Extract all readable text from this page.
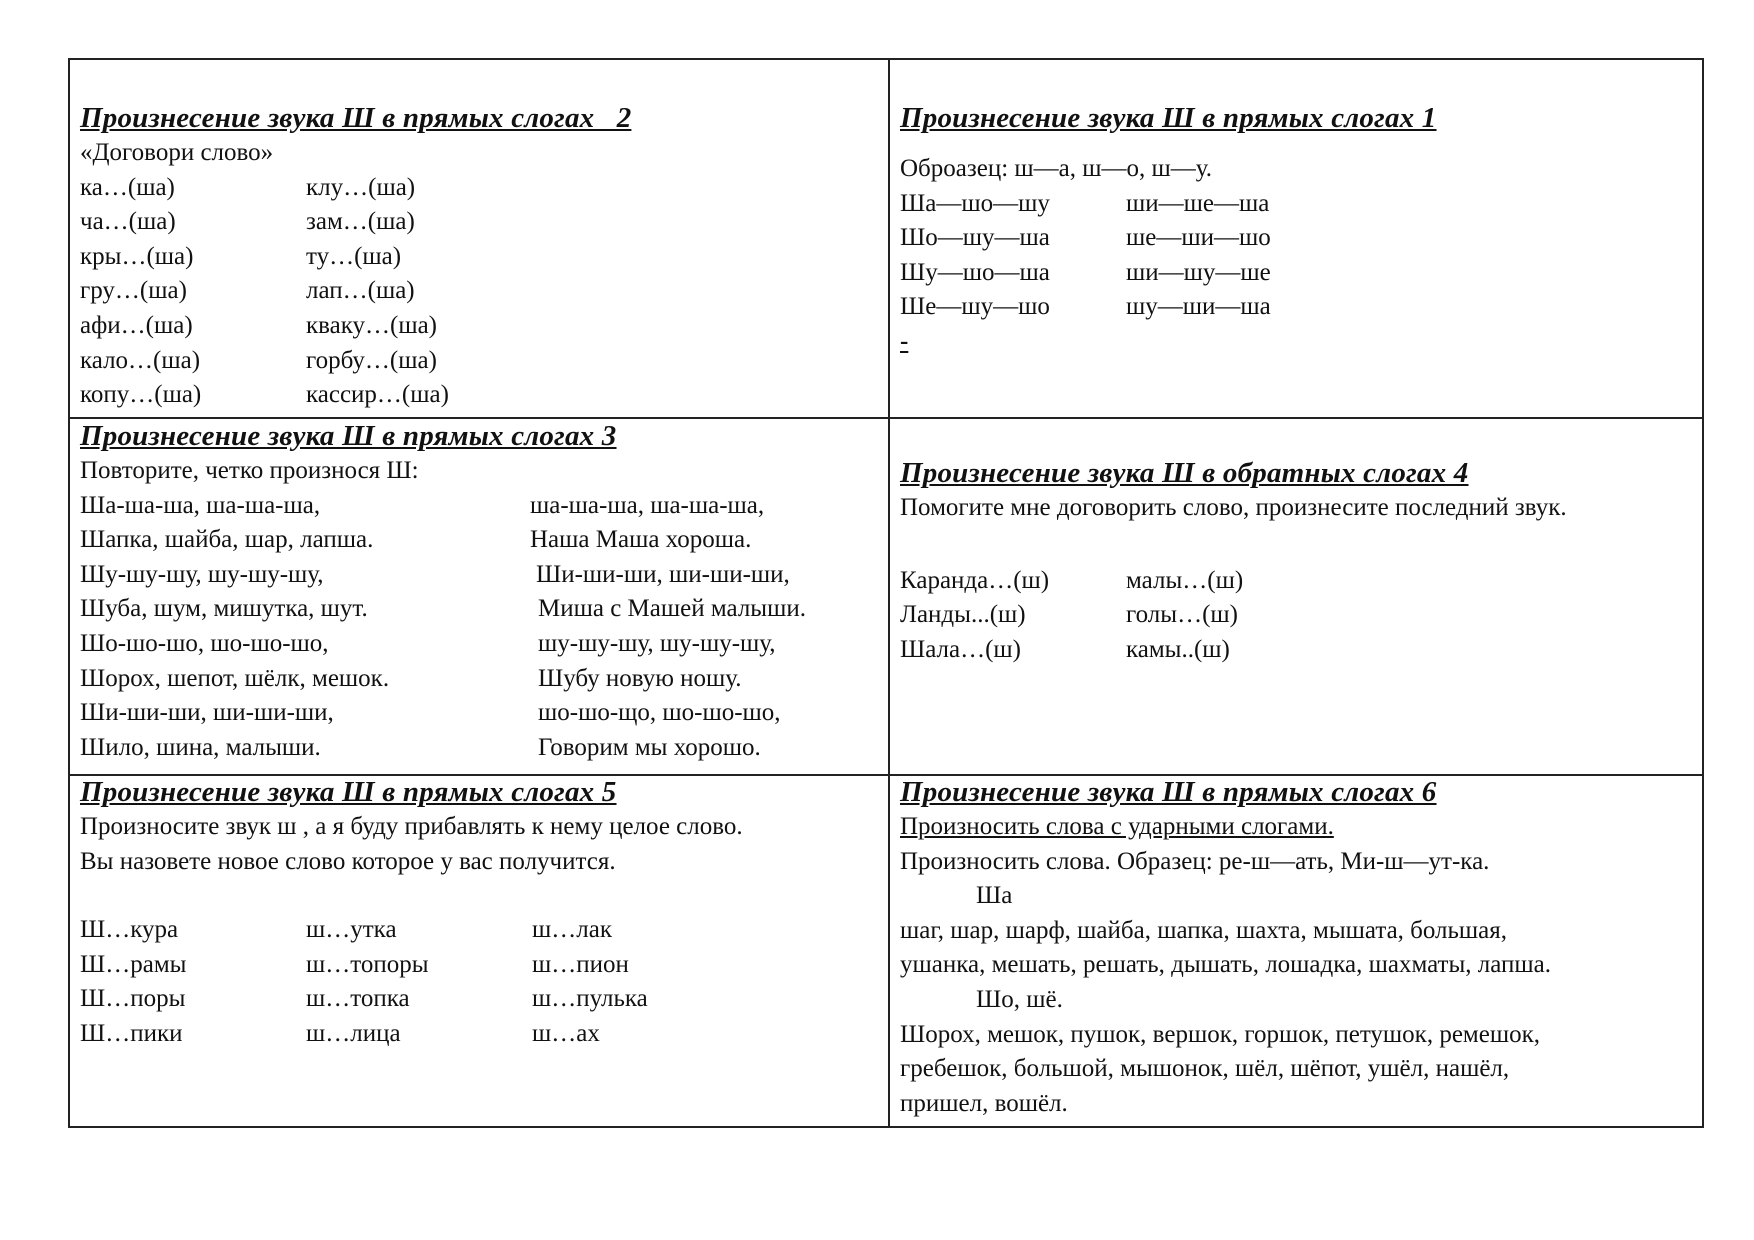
Произнесение звука Ш в прямых слогах   2
«Договори слово»
ка…(ша)	клу…(ша)
ча…(ша)	зам…(ша)
кры…(ша)	ту…(ша)
гру…(ша)	лап…(ша)
афи…(ша)	кваку…(ша)
кало…(ша)	горбу…(ша)
копу…(ша)	кассир…(ша)
Произнесение звука Ш в прямых слогах 1
Оброазец: ш—а, ш—о, ш—у.
Ша—шо—шу	ши—ше—ша
Шо—шу—ша	ше—ши—шо
Шу—шо—ша	ши—шу—ше
Ше—шу—шо	шу—ши—ша
-
Произнесение звука Ш в прямых слогах 3
Повторите, четко произнося Ш:
Ша-ша-ша, ша-ша-ша,	ша-ша-ша, ша-ша-ша,
Шапка, шайба, шар, лапша.	Наша Маша хороша.
Шу-шу-шу, шу-шу-шу,	Ши-ши-ши, ши-ши-ши,
Шуба, шум, мишутка, шут.	Миша с Машей малыши.
Шо-шо-шо, шо-шо-шо,	шу-шу-шу, шу-шу-шу,
Шорох, шепот, шёлк, мешок.	Шубу новую ношу.
Ши-ши-ши, ши-ши-ши,	шо-шо-що, шо-шо-шо,
Шило, шина, малыши.	Говорим мы хорошо.
Произнесение звука Ш в обратных слогах 4
Помогите мне договорить слово, произнесите последний звук.
Каранда…(ш)	малы…(ш)
Ланды...(ш)	голы…(ш)
Шала…(ш)	камы..(ш)
Произнесение звука Ш в прямых слогах 5
Произносите звук ш , а я буду прибавлять к нему целое слово.
Вы назовете новое слово которое у вас получится.
Ш…кура	ш…утка	ш…лак
Ш…рамы	ш…топоры	ш…пион
Ш…поры	ш…топка	ш…пулька
Ш…пики	ш…лица	ш…ах
Произнесение звука Ш в прямых слогах 6
Произносить слова с ударными слогами.
Произносить слова. Образец: ре-ш—ать, Ми-ш—ут-ка.
Ша
шаг, шар, шарф, шайба, шапка, шахта, мышата, большая,
ушанка, мешать, решать, дышать, лошадка, шахматы, лапша.
Шо, шё.
Шорох, мешок, пушок, вершок, горшок, петушок, ремешок,
гребешок, большой, мышонок, шёл, шёпот, ушёл, нашёл,
пришел, вошёл.
